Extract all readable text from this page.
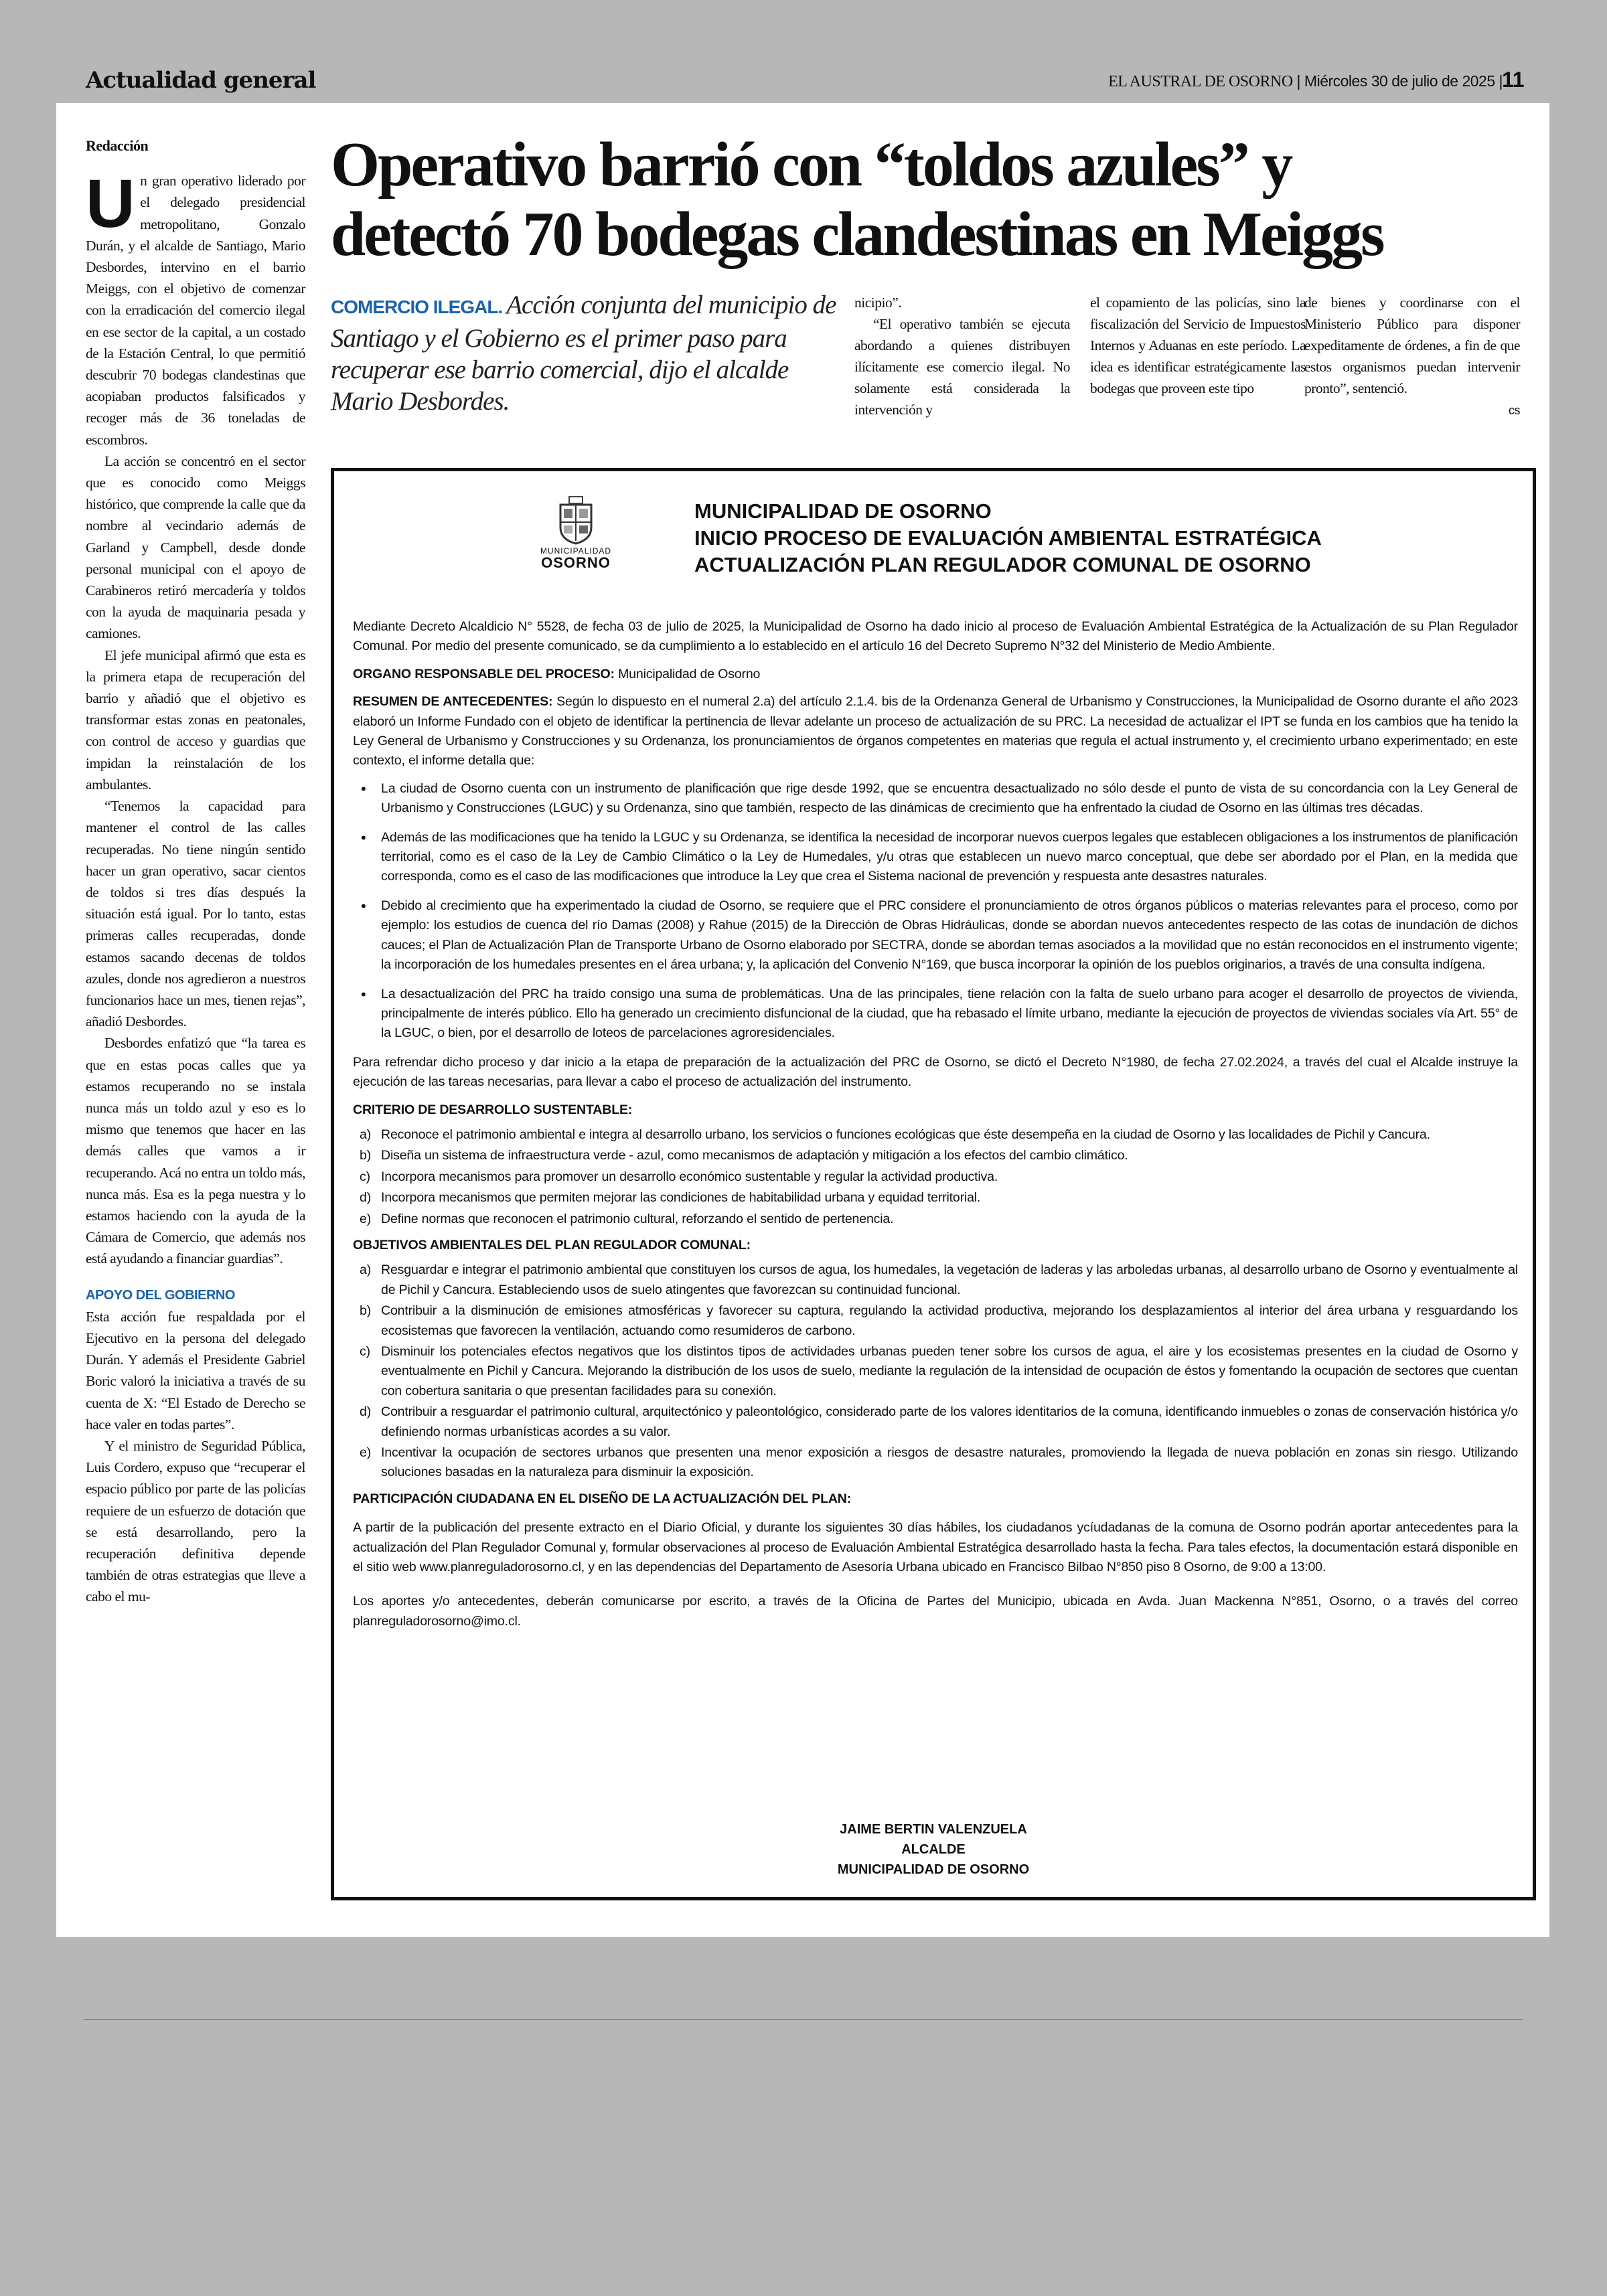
Actualidad general	EL AUSTRAL DE OSORNO | Miércoles 30 de julio de 2025 | 11
Redacción

Un gran operativo liderado por el delegado presidencial metropolitano, Gonzalo Durán, y el alcalde de Santiago, Mario Desbordes, intervino en el barrio Meiggs, con el objetivo de comenzar con la erradicación del comercio ilegal en ese sector de la capital, a un costado de la Estación Central, lo que permitió descubrir 70 bodegas clandestinas que acopiaban productos falsificados y recoger más de 36 toneladas de escombros.

La acción se concentró en el sector que es conocido como Meiggs histórico, que comprende la calle que da nombre al vecindario además de Garland y Campbell, desde donde personal municipal con el apoyo de Carabineros retiró mercadería y toldos con la ayuda de maquinaria pesada y camiones.

El jefe municipal afirmó que esta es la primera etapa de recuperación del barrio y añadió que el objetivo es transformar estas zonas en peatonales, con control de acceso y guardias que impidan la reinstalación de los ambulantes.

“Tenemos la capacidad para mantener el control de las calles recuperadas. No tiene ningún sentido hacer un gran operativo, sacar cientos de toldos si tres días después la situación está igual. Por lo tanto, estas primeras calles recuperadas, donde estamos sacando decenas de toldos azules, donde nos agredieron a nuestros funcionarios hace un mes, tienen rejas”, añadió Desbordes.

Desbordes enfatizó que “la tarea es que en estas pocas calles que ya estamos recuperando no se instala nunca más un toldo azul y eso es lo mismo que tenemos que hacer en las demás calles que vamos a ir recuperando. Acá no entra un toldo más, nunca más. Esa es la pega nuestra y lo estamos haciendo con la ayuda de la Cámara de Comercio, que además nos está ayudando a financiar guardias”.

APOYO DEL GOBIERNO

Esta acción fue respaldada por el Ejecutivo en la persona del delegado Durán. Y además el Presidente Gabriel Boric valoró la iniciativa a través de su cuenta de X: “El Estado de Derecho se hace valer en todas partes”.

Y el ministro de Seguridad Pública, Luis Cordero, expuso que “recuperar el espacio público por parte de las policías requiere de un esfuerzo de dotación que se está desarrollando, pero la recuperación definitiva depende también de otras estrategias que lleve a cabo el mu-

Operativo barrió con “toldos azules” y
detectó 70 bodegas clandestinas en Meiggs
COMERCIO ILEGAL. Acción conjunta del municipio de Santiago y el Gobierno es el primer paso para recuperar ese barrio comercial, dijo el alcalde Mario Desbordes.

nicipio”.

“El operativo también se ejecuta abordando a quienes distribuyen ilícitamente ese comercio ilegal. No solamente está considerada la intervención y

el copamiento de las policías, sino la fiscalización del Servicio de Impuestos Internos y Aduanas en este período. La idea es identificar estratégicamente las bodegas que proveen este tipo

de bienes y coordinarse con el Ministerio Público para disponer expeditamente de órdenes, a fin de que estos organismos puedan intervenir pronto”, sentenció.

cs
MUNICIPALIDAD
OSORNO
MUNICIPALIDAD DE OSORNO
INICIO PROCESO DE EVALUACIÓN AMBIENTAL ESTRATÉGICA
ACTUALIZACIÓN PLAN REGULADOR COMUNAL DE OSORNO

Mediante Decreto Alcaldicio N° 5528, de fecha 03 de julio de 2025, la Municipalidad de Osorno ha dado inicio al proceso de Evaluación Ambiental Estratégica de la Actualización de su Plan Regulador Comunal. Por medio del presente comunicado, se da cumplimiento a lo establecido en el artículo 16 del Decreto Supremo N°32 del Ministerio de Medio Ambiente.

ORGANO RESPONSABLE DEL PROCESO: Municipalidad de Osorno

RESUMEN DE ANTECEDENTES: Según lo dispuesto en el numeral 2.a) del artículo 2.1.4. bis de la Ordenanza General de Urbanismo y Construcciones, la Municipalidad de Osorno durante el año 2023 elaboró un Informe Fundado con el objeto de identificar la pertinencia de llevar adelante un proceso de actualización de su PRC. La necesidad de actualizar el IPT se funda en los cambios que ha tenido la Ley General de Urbanismo y Construcciones y su Ordenanza, los pronunciamientos de órganos competentes en materias que regula el actual instrumento y, el crecimiento urbano experimentado; en este contexto, el informe detalla que:

• La ciudad de Osorno cuenta con un instrumento de planificación que rige desde 1992, que se encuentra desactualizado no sólo desde el punto de vista de su concordancia con la Ley General de Urbanismo y Construcciones (LGUC) y su Ordenanza, sino que también, respecto de las dinámicas de crecimiento que ha enfrentado la ciudad de Osorno en las últimas tres décadas.
• Además de las modificaciones que ha tenido la LGUC y su Ordenanza, se identifica la necesidad de incorporar nuevos cuerpos legales que establecen obligaciones a los instrumentos de planificación territorial, como es el caso de la Ley de Cambio Climático o la Ley de Humedales, y/u otras que establecen un nuevo marco conceptual, que debe ser abordado por el Plan, en la medida que corresponda, como es el caso de las modificaciones que introduce la Ley que crea el Sistema nacional de prevención y respuesta ante desastres naturales.
• Debido al crecimiento que ha experimentado la ciudad de Osorno, se requiere que el PRC considere el pronunciamiento de otros órganos públicos o materias relevantes para el proceso, como por ejemplo: los estudios de cuenca del río Damas (2008) y Rahue (2015) de la Dirección de Obras Hidráulicas, donde se abordan nuevos antecedentes respecto de las cotas de inundación de dichos cauces; el Plan de Actualización Plan de Transporte Urbano de Osorno elaborado por SECTRA, donde se abordan temas asociados a la movilidad que no están reconocidos en el instrumento vigente; la incorporación de los humedales presentes en el área urbana; y, la aplicación del Convenio N°169, que busca incorporar la opinión de los pueblos originarios, a través de una consulta indígena.
• La desactualización del PRC ha traído consigo una suma de problemáticas. Una de las principales, tiene relación con la falta de suelo urbano para acoger el desarrollo de proyectos de vivienda, principalmente de interés público. Ello ha generado un crecimiento disfuncional de la ciudad, que ha rebasado el límite urbano, mediante la ejecución de proyectos de viviendas sociales vía Art. 55° de la LGUC, o bien, por el desarrollo de loteos de parcelaciones agroresidenciales.

Para refrendar dicho proceso y dar inicio a la etapa de preparación de la actualización del PRC de Osorno, se dictó el Decreto N°1980, de fecha 27.02.2024, a través del cual el Alcalde instruye la ejecución de las tareas necesarias, para llevar a cabo el proceso de actualización del instrumento.

CRITERIO DE DESARROLLO SUSTENTABLE:
a) Reconoce el patrimonio ambiental e integra al desarrollo urbano, los servicios o funciones ecológicas que éste desempeña en la ciudad de Osorno y las localidades de Pichil y Cancura.
b) Diseña un sistema de infraestructura verde - azul, como mecanismos de adaptación y mitigación a los efectos del cambio climático.
c) Incorpora mecanismos para promover un desarrollo económico sustentable y regular la actividad productiva.
d) Incorpora mecanismos que permiten mejorar las condiciones de habitabilidad urbana y equidad territorial.
e) Define normas que reconocen el patrimonio cultural, reforzando el sentido de pertenencia.
OBJETIVOS AMBIENTALES DEL PLAN REGULADOR COMUNAL:
a) Resguardar e integrar el patrimonio ambiental que constituyen los cursos de agua, los humedales, la vegetación de laderas y las arboledas urbanas, al desarrollo urbano de Osorno y eventualmente al de Pichil y Cancura. Estableciendo usos de suelo atingentes que favorezcan su continuidad funcional.
b) Contribuir a la disminución de emisiones atmosféricas y favorecer su captura, regulando la actividad productiva, mejorando los desplazamientos al interior del área urbana y resguardando los ecosistemas que favorecen la ventilación, actuando como resumideros de carbono.
c) Disminuir los potenciales efectos negativos que los distintos tipos de actividades urbanas pueden tener sobre los cursos de agua, el aire y los ecosistemas presentes en la ciudad de Osorno y eventualmente en Pichil y Cancura. Mejorando la distribución de los usos de suelo, mediante la regulación de la intensidad de ocupación de éstos y fomentando la ocupación de sectores que cuentan con cobertura sanitaria o que presentan facilidades para su conexión.
d) Contribuir a resguardar el patrimonio cultural, arquitectónico y paleontológico, considerado parte de los valores identitarios de la comuna, identificando inmuebles o zonas de conservación histórica y/o definiendo normas urbanísticas acordes a su valor.
e) Incentivar la ocupación de sectores urbanos que presenten una menor exposición a riesgos de desastre naturales, promoviendo la llegada de nueva población en zonas sin riesgo. Utilizando soluciones basadas en la naturaleza para disminuir la exposición.
PARTICIPACIÓN CIUDADANA EN EL DISEÑO DE LA ACTUALIZACIÓN DEL PLAN:

A partir de la publicación del presente extracto en el Diario Oficial, y durante los siguientes 30 días hábiles, los ciudadanos ycíudadanas de la comuna de Osorno podrán aportar antecedentes para la actualización del Plan Regulador Comunal y, formular observaciones al proceso de Evaluación Ambiental Estratégica desarrollado hasta la fecha. Para tales efectos, la documentación estará disponible en el sitio web www.planreguladorosorno.cl, y en las dependencias del Departamento de Asesoría Urbana ubicado en Francisco Bilbao N°850 piso 8 Osorno, de 9:00 a 13:00.

Los aportes y/o antecedentes, deberán comunicarse por escrito, a través de la Oficina de Partes del Municipio, ubicada en Avda. Juan Mackenna N°851, Osorno, o a través del correo planreguladorosorno@imo.cl.

JAIME BERTIN VALENZUELA
ALCALDE
MUNICIPALIDAD DE OSORNO
